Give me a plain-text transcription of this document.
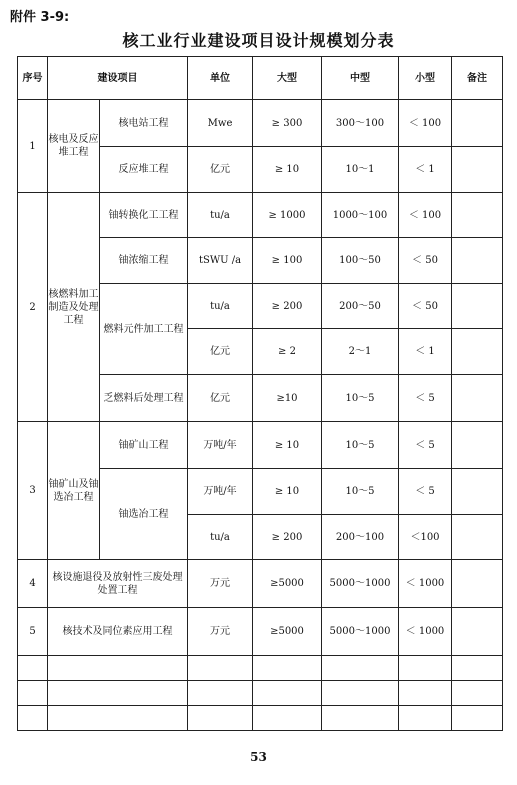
附件 3-9:
核工业行业建设项目设计规模划分表
序号	建设项目		单位	大型	中型	小型	备注
1	核电及反应堆工程	核电站工程	Mwe	≥ 300	300～100	＜ 100	
		反应堆工程	亿元	≥ 10	10～1	＜ 1	
2	核燃料加工制造及处理工程	铀转换化工工程	tu/a	≥ 1000	1000～100	＜ 100	
		铀浓缩工程	tSWU /a	≥ 100	100～50	＜ 50	
		燃料元件加工工程	tu/a	≥ 200	200～50	＜ 50	
			亿元	≥ 2	2～1	＜ 1	
		乏燃料后处理工程	亿元	≥10	10～5	＜ 5	
3	铀矿山及铀选冶工程	铀矿山工程	万吨/年	≥ 10	10～5	＜ 5	
		铀选冶工程	万吨/年	≥ 10	10～5	＜ 5	
			tu/a	≥ 200	200～100	＜100	
4	核设施退役及放射性三废处理处置工程		万元	≥5000	5000～1000	＜ 1000	
5	核技术及同位素应用工程		万元	≥5000	5000～1000	＜ 1000	

53
